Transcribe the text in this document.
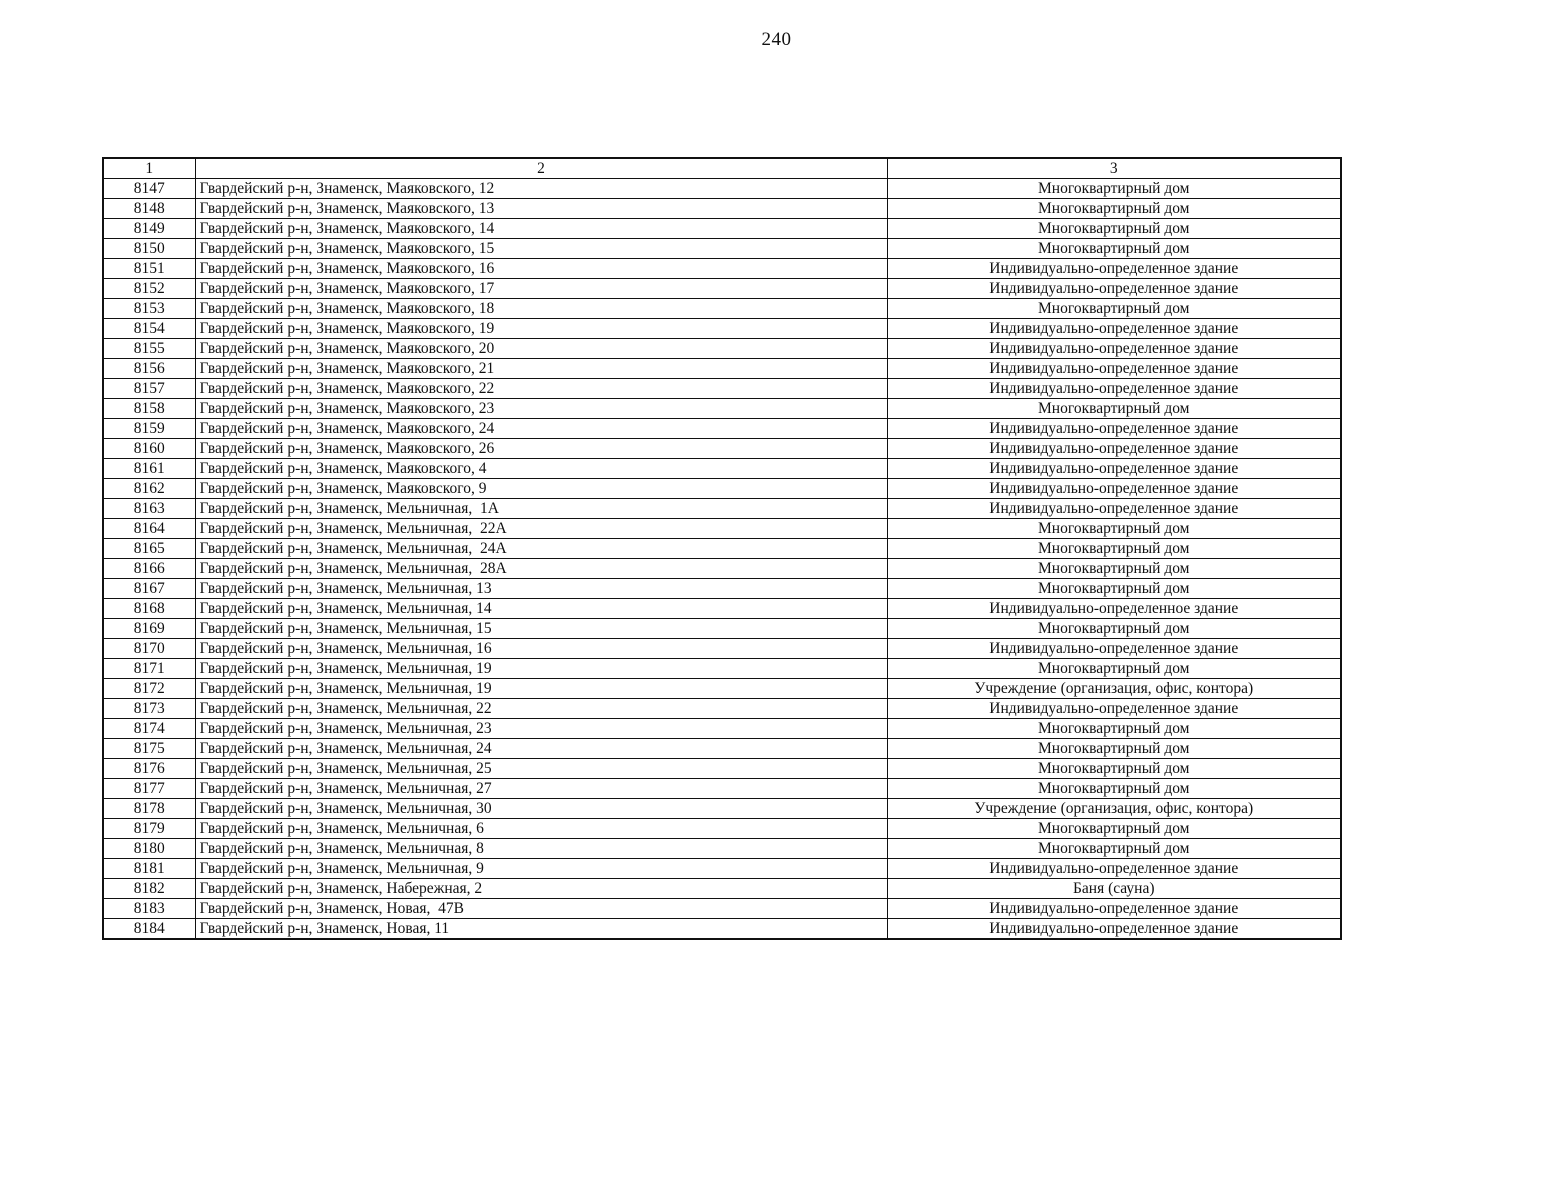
240
1	2	3
8147	Гвардейский р-н, Знаменск, Маяковского, 12	Многоквартирный дом
8148	Гвардейский р-н, Знаменск, Маяковского, 13	Многоквартирный дом
8149	Гвардейский р-н, Знаменск, Маяковского, 14	Многоквартирный дом
8150	Гвардейский р-н, Знаменск, Маяковского, 15	Многоквартирный дом
8151	Гвардейский р-н, Знаменск, Маяковского, 16	Индивидуально-определенное здание
8152	Гвардейский р-н, Знаменск, Маяковского, 17	Индивидуально-определенное здание
8153	Гвардейский р-н, Знаменск, Маяковского, 18	Многоквартирный дом
8154	Гвардейский р-н, Знаменск, Маяковского, 19	Индивидуально-определенное здание
8155	Гвардейский р-н, Знаменск, Маяковского, 20	Индивидуально-определенное здание
8156	Гвардейский р-н, Знаменск, Маяковского, 21	Индивидуально-определенное здание
8157	Гвардейский р-н, Знаменск, Маяковского, 22	Индивидуально-определенное здание
8158	Гвардейский р-н, Знаменск, Маяковского, 23	Многоквартирный дом
8159	Гвардейский р-н, Знаменск, Маяковского, 24	Индивидуально-определенное здание
8160	Гвардейский р-н, Знаменск, Маяковского, 26	Индивидуально-определенное здание
8161	Гвардейский р-н, Знаменск, Маяковского, 4	Индивидуально-определенное здание
8162	Гвардейский р-н, Знаменск, Маяковского, 9	Индивидуально-определенное здание
8163	Гвардейский р-н, Знаменск, Мельничная,  1А	Индивидуально-определенное здание
8164	Гвардейский р-н, Знаменск, Мельничная,  22А	Многоквартирный дом
8165	Гвардейский р-н, Знаменск, Мельничная,  24А	Многоквартирный дом
8166	Гвардейский р-н, Знаменск, Мельничная,  28А	Многоквартирный дом
8167	Гвардейский р-н, Знаменск, Мельничная, 13	Многоквартирный дом
8168	Гвардейский р-н, Знаменск, Мельничная, 14	Индивидуально-определенное здание
8169	Гвардейский р-н, Знаменск, Мельничная, 15	Многоквартирный дом
8170	Гвардейский р-н, Знаменск, Мельничная, 16	Индивидуально-определенное здание
8171	Гвардейский р-н, Знаменск, Мельничная, 19	Многоквартирный дом
8172	Гвардейский р-н, Знаменск, Мельничная, 19	Учреждение (организация, офис, контора)
8173	Гвардейский р-н, Знаменск, Мельничная, 22	Индивидуально-определенное здание
8174	Гвардейский р-н, Знаменск, Мельничная, 23	Многоквартирный дом
8175	Гвардейский р-н, Знаменск, Мельничная, 24	Многоквартирный дом
8176	Гвардейский р-н, Знаменск, Мельничная, 25	Многоквартирный дом
8177	Гвардейский р-н, Знаменск, Мельничная, 27	Многоквартирный дом
8178	Гвардейский р-н, Знаменск, Мельничная, 30	Учреждение (организация, офис, контора)
8179	Гвардейский р-н, Знаменск, Мельничная, 6	Многоквартирный дом
8180	Гвардейский р-н, Знаменск, Мельничная, 8	Многоквартирный дом
8181	Гвардейский р-н, Знаменск, Мельничная, 9	Индивидуально-определенное здание
8182	Гвардейский р-н, Знаменск, Набережная, 2	Баня (сауна)
8183	Гвардейский р-н, Знаменск, Новая,  47В	Индивидуально-определенное здание
8184	Гвардейский р-н, Знаменск, Новая, 11	Индивидуально-определенное здание
